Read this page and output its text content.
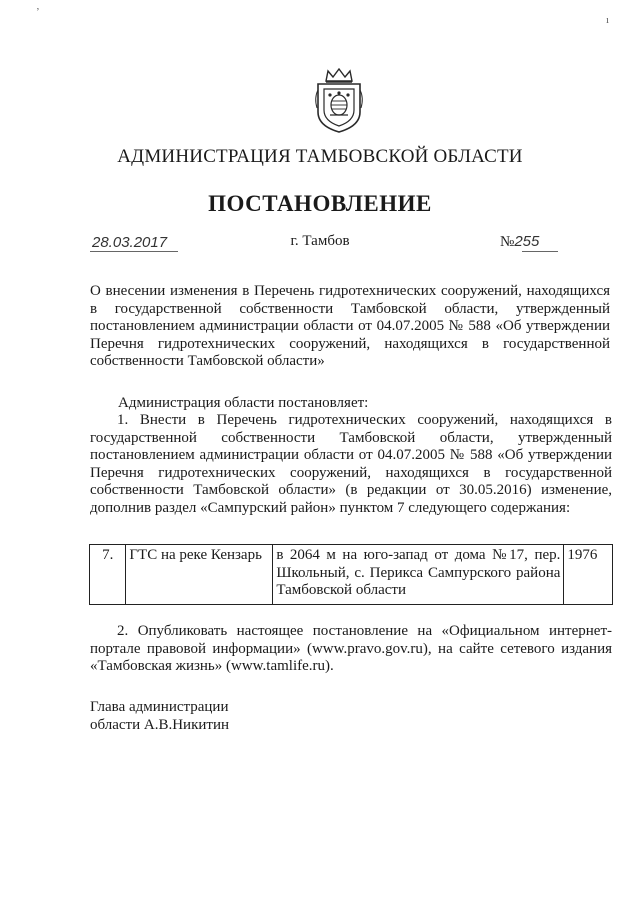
ʼ
ı
АДМИНИСТРАЦИЯ ТАМБОВСКОЙ ОБЛАСТИ
ПОСТАНОВЛЕНИЕ
28.03.2017	г. Тамбов	№255
О внесении изменения в Перечень гидротехнических сооружений, находящихся в государственной собственности Тамбовской области, утвержденный постановлением администрации области от 04.07.2005 № 588 «Об утверждении Перечня гидротехнических сооружений, находящихся в государственной собственности Тамбовской области»
Администрация области постановляет:
1. Внести в Перечень гидротехнических сооружений, находящихся в государственной собственности Тамбовской области, утвержденный постановлением администрации области от 04.07.2005 № 588 «Об утверждении Перечня гидротехнических сооружений, находящихся в государственной собственности Тамбовской области» (в редакции от 30.05.2016) изменение, дополнив раздел «Сампурский район» пунктом 7 следующего содержания:
7.	ГТС на реке Кензарь	в 2064 м на юго-запад от дома №17, пер. Школьный, с. Перикса Сампурского района Тамбовской области	1976
2. Опубликовать настоящее постановление на «Официальном интернет-портале правовой информации» (www.pravo.gov.ru), на сайте сетевого издания «Тамбовская жизнь» (www.tamlife.ru).
Глава администрации
области А.В.Никитин
